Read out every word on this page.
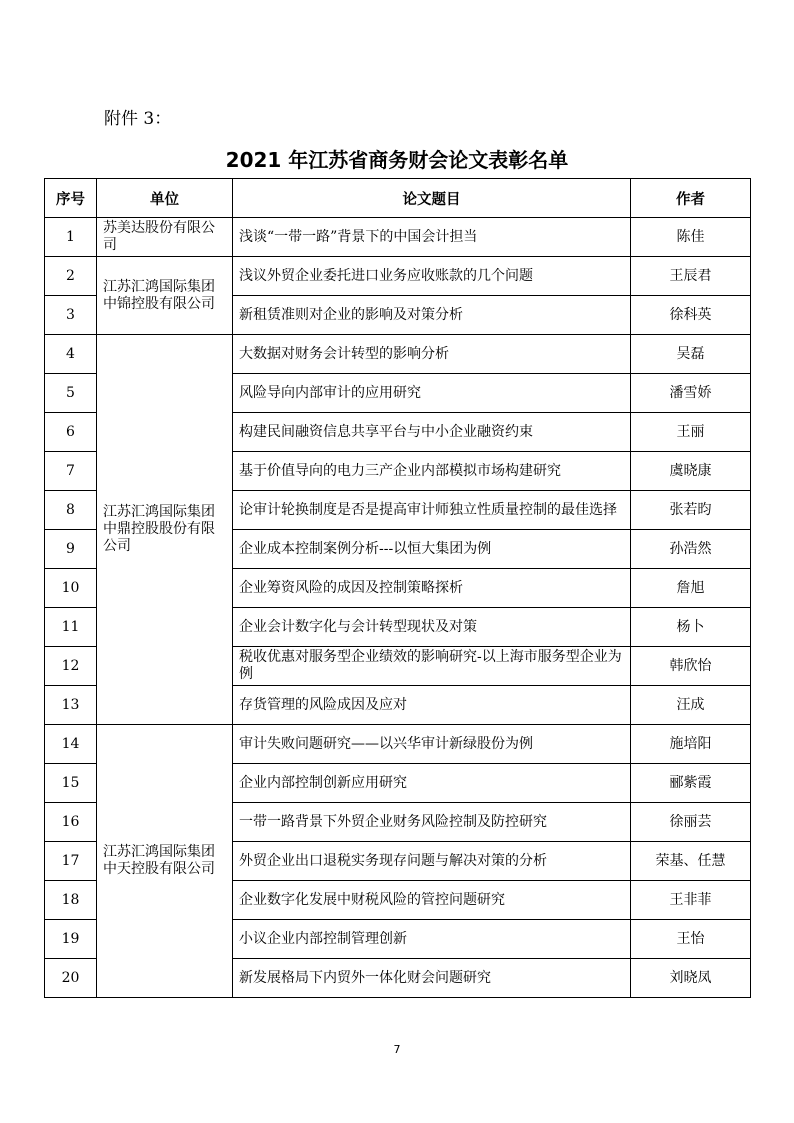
附件 3：
2021 年江苏省商务财会论文表彰名单
序号	单位	论文题目	作者
1	苏美达股份有限公司	浅谈“一带一路”背景下的中国会计担当	陈佳
2	江苏汇鸿国际集团中锦控股有限公司	浅议外贸企业委托进口业务应收账款的几个问题	王辰君
3		新租赁准则对企业的影响及对策分析	徐科英
4	江苏汇鸿国际集团中鼎控股股份有限公司	大数据对财务会计转型的影响分析	吴磊
5		风险导向内部审计的应用研究	潘雪娇
6		构建民间融资信息共享平台与中小企业融资约束	王丽
7		基于价值导向的电力三产企业内部模拟市场构建研究	虞晓康
8		论审计轮换制度是否是提高审计师独立性质量控制的最佳选择	张若昀
9		企业成本控制案例分析---以恒大集团为例	孙浩然
10		企业筹资风险的成因及控制策略探析	詹旭
11		企业会计数字化与会计转型现状及对策	杨卜
12		税收优惠对服务型企业绩效的影响研究-以上海市服务型企业为例	韩欣怡
13		存货管理的风险成因及应对	汪成
14	江苏汇鸿国际集团中天控股有限公司	审计失败问题研究——以兴华审计新绿股份为例	施培阳
15		企业内部控制创新应用研究	郦紫霞
16		一带一路背景下外贸企业财务风险控制及防控研究	徐丽芸
17		外贸企业出口退税实务现存问题与解决对策的分析	荣基、任慧
18		企业数字化发展中财税风险的管控问题研究	王非菲
19		小议企业内部控制管理创新	王怡
20		新发展格局下内贸外一体化财会问题研究	刘晓凤
7
